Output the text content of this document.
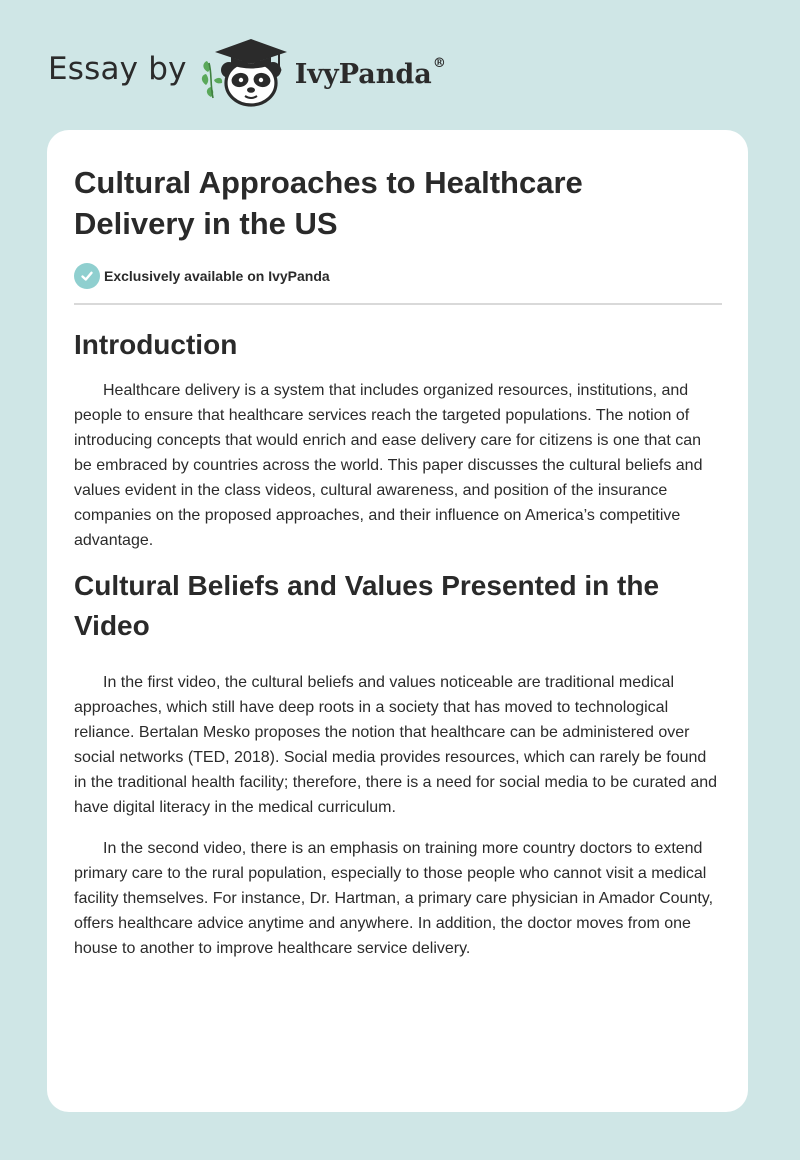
Essay by	IvyPanda®
Cultural Approaches to Healthcare Delivery in the US
Exclusively available on IvyPanda
Introduction

Healthcare delivery is a system that includes organized resources, institutions, and people to ensure that healthcare services reach the targeted populations. The notion of introducing concepts that would enrich and ease delivery care for citizens is one that can be embraced by countries across the world. This paper discusses the cultural beliefs and values evident in the class videos, cultural awareness, and position of the insurance companies on the proposed approaches, and their influence on America’s competitive advantage.

Cultural Beliefs and Values Presented in the Video

In the first video, the cultural beliefs and values noticeable are traditional medical approaches, which still have deep roots in a society that has moved to technological reliance. Bertalan Mesko proposes the notion that healthcare can be administered over social networks (TED, 2018). Social media provides resources, which can rarely be found in the traditional health facility; therefore, there is a need for social media to be curated and have digital literacy in the medical curriculum.

In the second video, there is an emphasis on training more country doctors to extend primary care to the rural population, especially to those people who cannot visit a medical facility themselves. For instance, Dr. Hartman, a primary care physician in Amador County, offers healthcare advice anytime and anywhere. In addition, the doctor moves from one house to another to improve healthcare service delivery.
